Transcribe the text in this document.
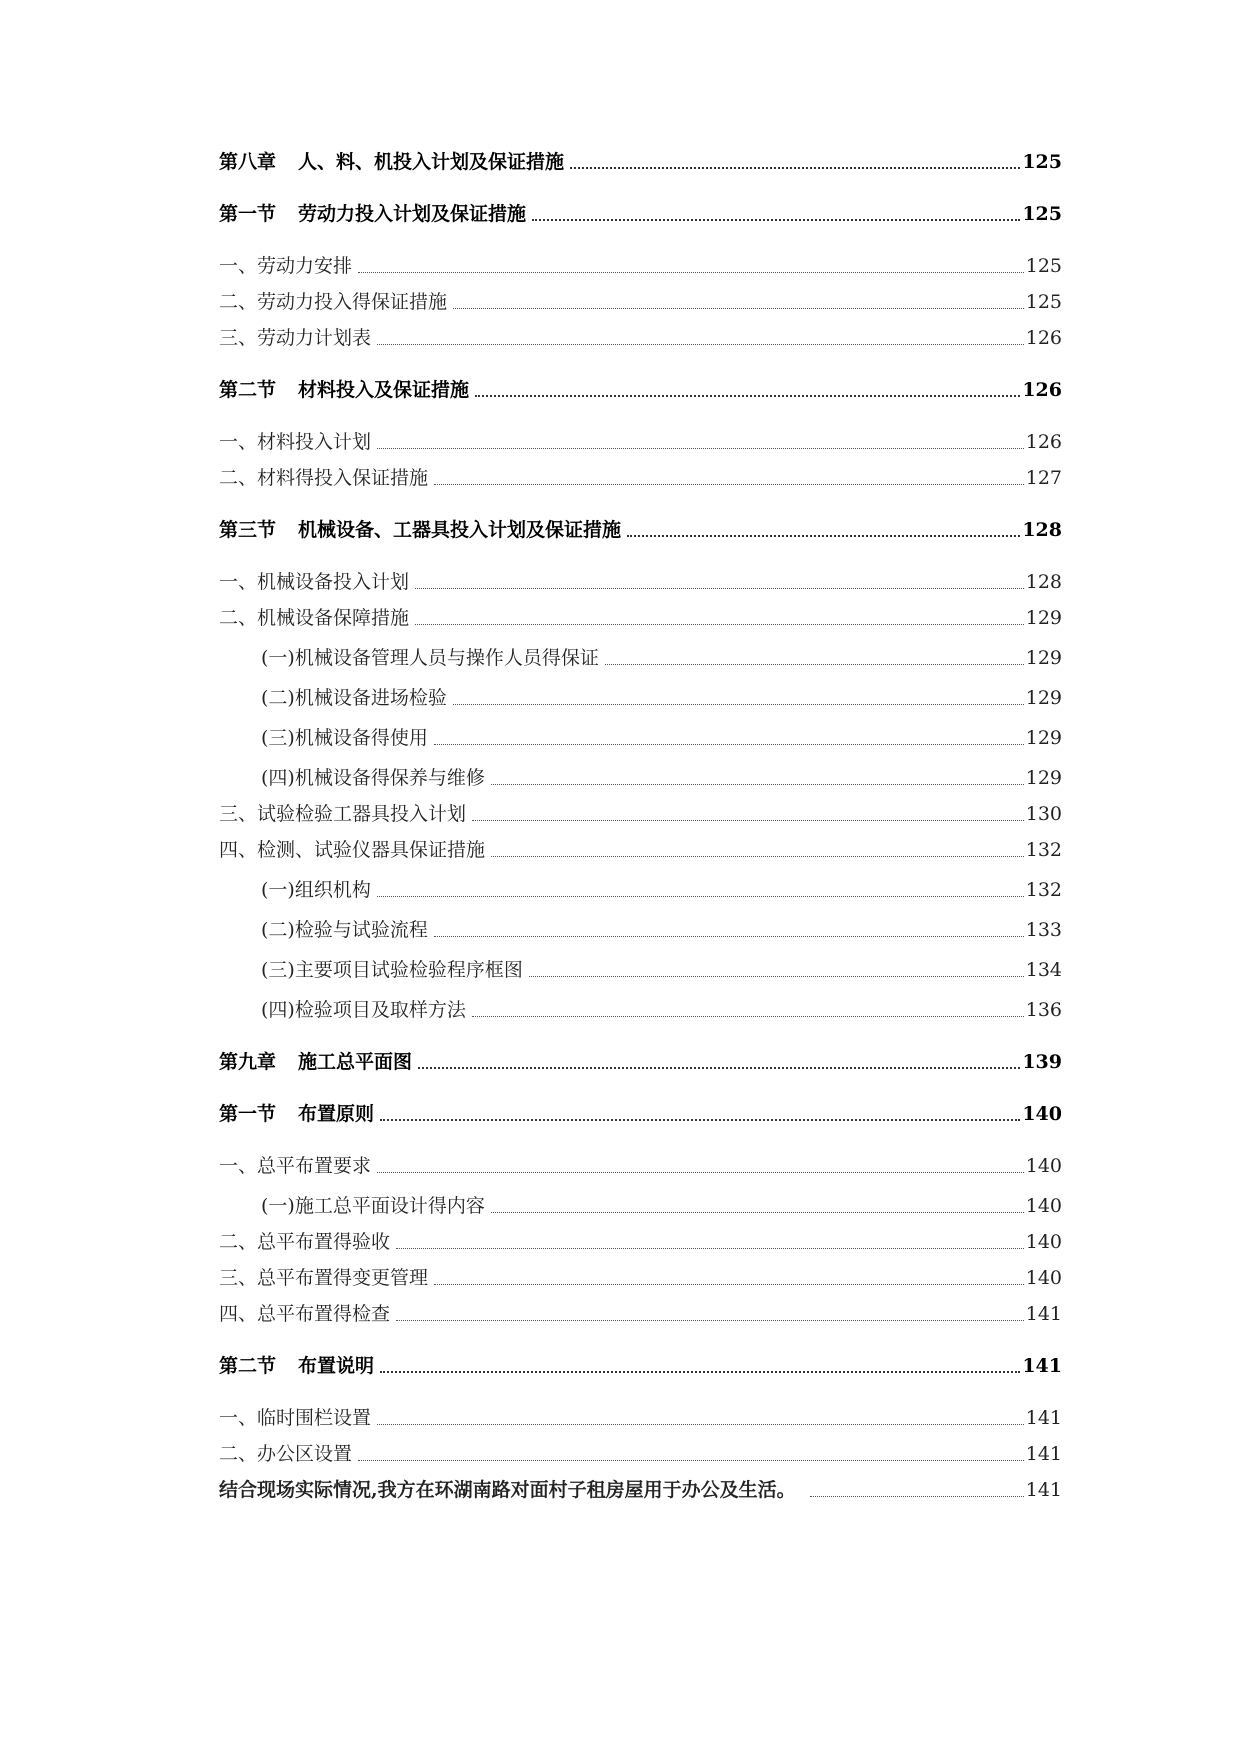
第八章 人、料、机投入计划及保证措施	125
第一节 劳动力投入计划及保证措施	125
一、劳动力安排	125
二、劳动力投入得保证措施	125
三、劳动力计划表	126
第二节 材料投入及保证措施	126
一、材料投入计划	126
二、材料得投入保证措施	127
第三节 机械设备、工器具投入计划及保证措施	128
一、机械设备投入计划	128
二、机械设备保障措施	129
(一)机械设备管理人员与操作人员得保证	129
(二)机械设备进场检验	129
(三)机械设备得使用	129
(四)机械设备得保养与维修	129
三、试验检验工器具投入计划	130
四、检测、试验仪器具保证措施	132
(一)组织机构	132
(二)检验与试验流程	133
(三)主要项目试验检验程序框图	134
(四)检验项目及取样方法	136
第九章 施工总平面图	139
第一节 布置原则	140
一、总平布置要求	140
(一)施工总平面设计得内容	140
二、总平布置得验收	140
三、总平布置得变更管理	140
四、总平布置得检查	141
第二节 布置说明	141
一、临时围栏设置	141
二、办公区设置	141
结合现场实际情况,我方在环湖南路对面村子租房屋用于办公及生活。	141
